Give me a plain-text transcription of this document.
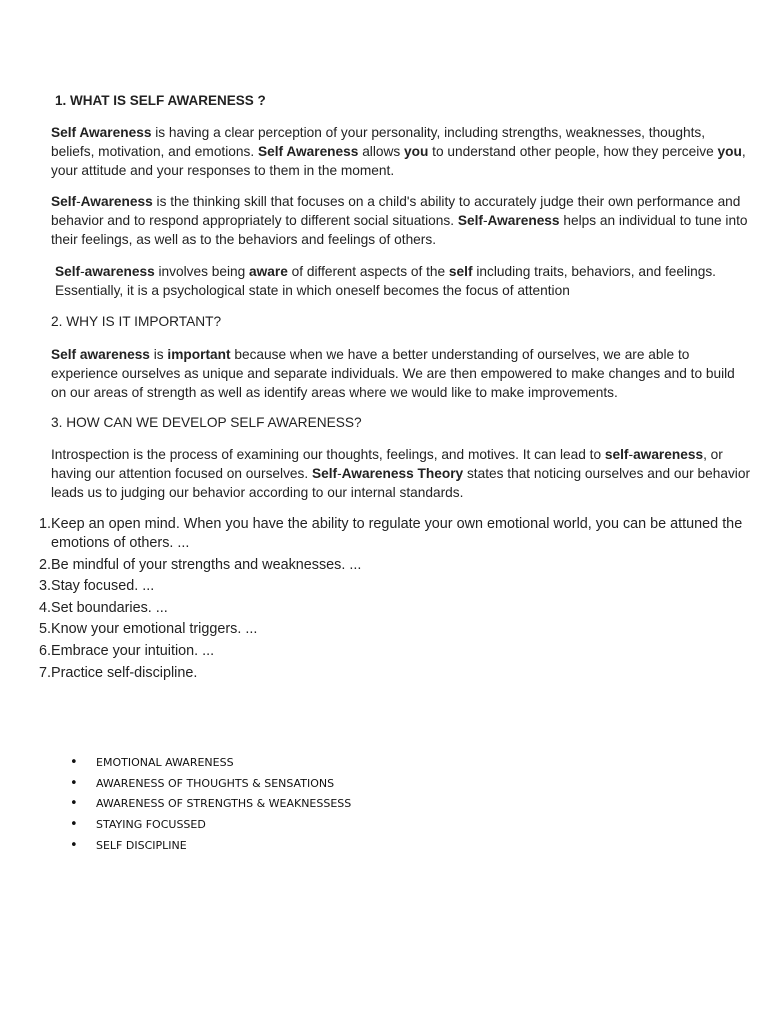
1. WHAT IS SELF AWARENESS ?

Self Awareness is having a clear perception of your personality, including strengths, weaknesses, thoughts, beliefs, motivation, and emotions. Self Awareness allows you to understand other people, how they perceive you, your attitude and your responses to them in the moment.

Self-Awareness is the thinking skill that focuses on a child's ability to accurately judge their own performance and behavior and to respond appropriately to different social situations. Self-Awareness helps an individual to tune into their feelings, as well as to the behaviors and feelings of others.

Self-awareness involves being aware of different aspects of the self including traits, behaviors, and feelings. Essentially, it is a psychological state in which oneself becomes the focus of attention

2. WHY IS IT IMPORTANT?

Self awareness is important because when we have a better understanding of ourselves, we are able to experience ourselves as unique and separate individuals. We are then empowered to make changes and to build on our areas of strength as well as identify areas where we would like to make improvements.

3. HOW CAN WE DEVELOP SELF AWARENESS?

Introspection is the process of examining our thoughts, feelings, and motives. It can lead to self-awareness, or having our attention focused on ourselves. Self-Awareness Theory states that noticing ourselves and our behavior leads us to judging our behavior according to our internal standards.

1. Keep an open mind. When you have the ability to regulate your own emotional world, you can be attuned the emotions of others. ...
2. Be mindful of your strengths and weaknesses. ...
3. Stay focused. ...
4. Set boundaries. ...
5. Know your emotional triggers. ...
6. Embrace your intuition. ...
7. Practice self-discipline.
•	EMOTIONAL AWARENESS
•	AWARENESS OF THOUGHTS & SENSATIONS
•	AWARENESS OF STRENGTHS & WEAKNESSESS
•	STAYING FOCUSSED
•	SELF DISCIPLINE
